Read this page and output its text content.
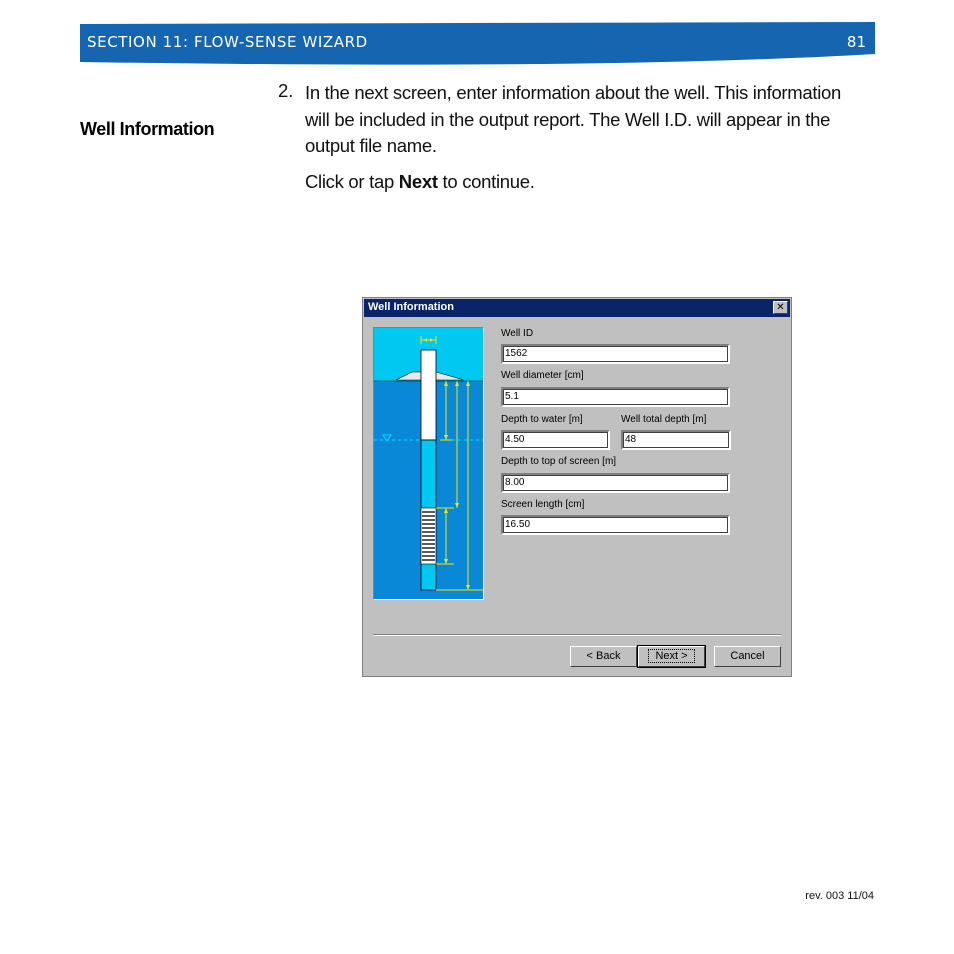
SECTION 11: FLOW-SENSE WIZARD	81
Well Information
2. In the next screen, enter information about the well. This information will be included in the output report. The Well I.D. will appear in the output file name.
Click or tap Next to continue.
Well Information	✕
Well ID
1562
Well diameter [cm]
5.1
Depth to water [m]
4.50
Well total depth [m]
48
Depth to top of screen [m]
8.00
Screen length [cm]
16.50
< Back	Next >	Cancel
rev. 003 11/04
